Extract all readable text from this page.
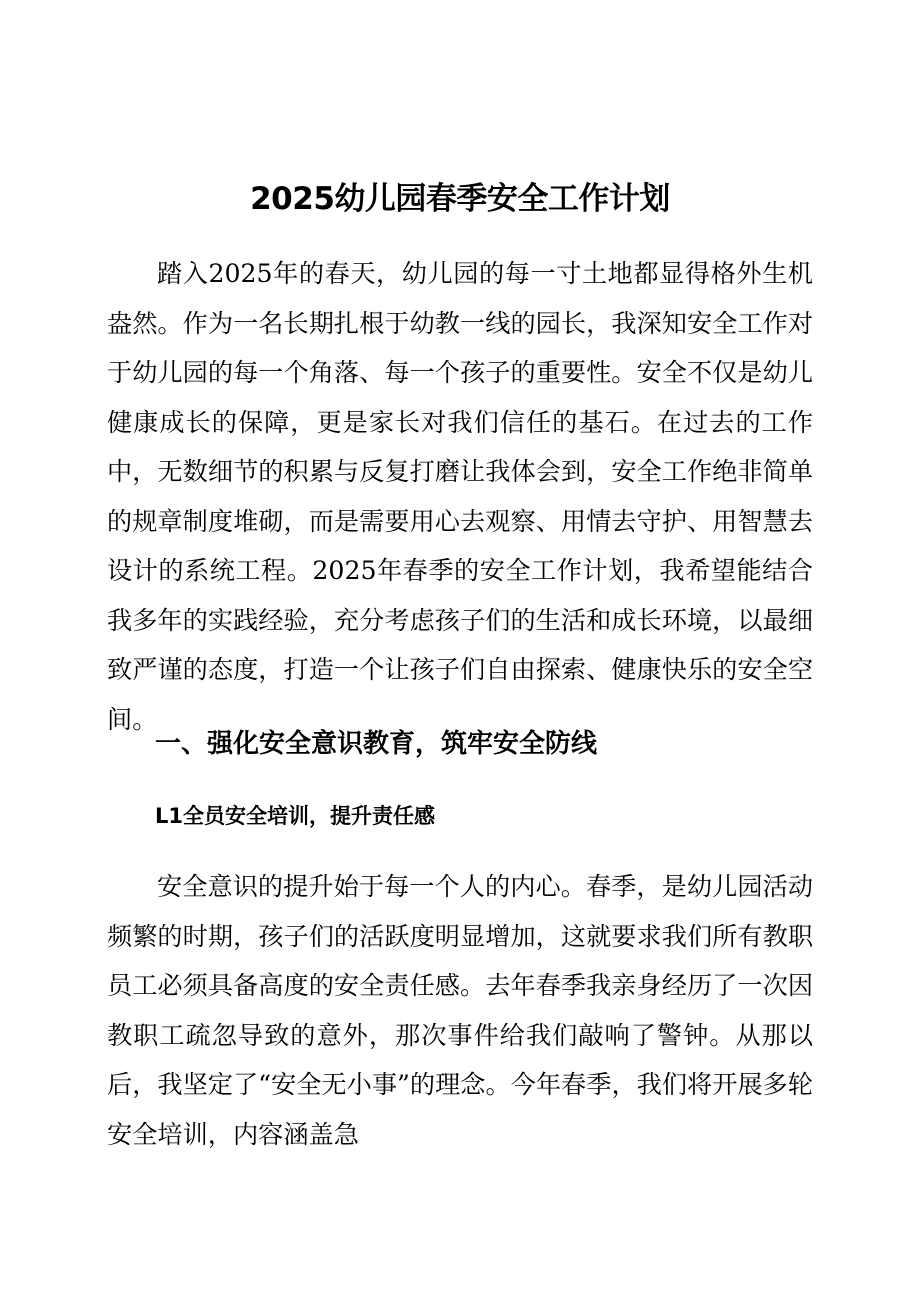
2025幼儿园春季安全工作计划

踏入2025年的春天，幼儿园的每一寸土地都显得格外生机盎然。作为一名长期扎根于幼教一线的园长，我深知安全工作对于幼儿园的每一个角落、每一个孩子的重要性。安全不仅是幼儿健康成长的保障，更是家长对我们信任的基石。在过去的工作中，无数细节的积累与反复打磨让我体会到，安全工作绝非简单的规章制度堆砌，而是需要用心去观察、用情去守护、用智慧去设计的系统工程。2025年春季的安全工作计划，我希望能结合我多年的实践经验，充分考虑孩子们的生活和成长环境，以最细致严谨的态度，打造一个让孩子们自由探索、健康快乐的安全空间。

一、强化安全意识教育，筑牢安全防线
L1全员安全培训，提升责任感

安全意识的提升始于每一个人的内心。春季，是幼儿园活动频繁的时期，孩子们的活跃度明显增加，这就要求我们所有教职员工必须具备高度的安全责任感。去年春季我亲身经历了一次因教职工疏忽导致的意外，那次事件给我们敲响了警钟。从那以后，我坚定了“安全无小事”的理念。今年春季，我们将开展多轮安全培训，内容涵盖急
